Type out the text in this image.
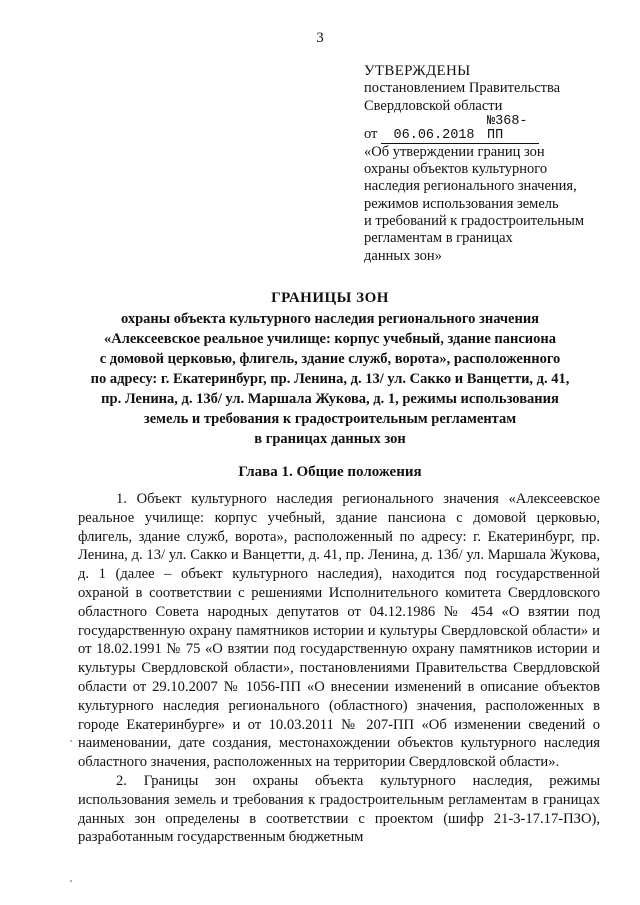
3
УТВЕРЖДЕНЫ
постановлением Правительства
Свердловской области
от 06.06.2018№368-ПП
«Об утверждении границ зон
охраны объектов культурного
наследия регионального значения,
режимов использования земель
и требований к градостроительным
регламентам в границах
данных зон»
ГРАНИЦЫ ЗОН
охраны объекта культурного наследия регионального значения
«Алексеевское реальное училище: корпус учебный, здание пансиона
с домовой церковью, флигель, здание служб, ворота», расположенного
по адресу: г. Екатеринбург, пр. Ленина, д. 13/ ул. Сакко и Ванцетти, д. 41,
пр. Ленина, д. 13б/ ул. Маршала Жукова, д. 1, режимы использования
земель и требования к градостроительным регламентам
в границах данных зон
Глава 1. Общие положения

1. Объект культурного наследия регионального значения «Алексеевское реальное училище: корпус учебный, здание пансиона с домовой церковью, флигель, здание служб, ворота», расположенный по адресу: г. Екатеринбург, пр. Ленина, д. 13/ ул. Сакко и Ванцетти, д. 41, пр. Ленина, д. 13б/ ул. Маршала Жукова, д. 1 (далее – объект культурного наследия), находится под государственной охраной в соответствии с решениями Исполнительного комитета Свердловского областного Совета народных депутатов от 04.12.1986 № 454 «О взятии под государственную охрану памятников истории и культуры Свердловской области» и от 18.02.1991 № 75 «О взятии под государственную охрану памятников истории и культуры Свердловской области», постановлениями Правительства Свердловской области от 29.10.2007 № 1056-ПП «О внесении изменений в описание объектов культурного наследия регионального (областного) значения, расположенных в городе Екатеринбурге» и от 10.03.2011 № 207-ПП «Об изменении сведений о наименовании, дате создания, местонахождении объектов культурного наследия областного значения, расположенных на территории Свердловской области».

2. Границы зон охраны объекта культурного наследия, режимы использования земель и требования к градостроительным регламентам в границах данных зон определены в соответствии с проектом (шифр 21-3-17.17-ПЗО), разработанным государственным бюджетным
